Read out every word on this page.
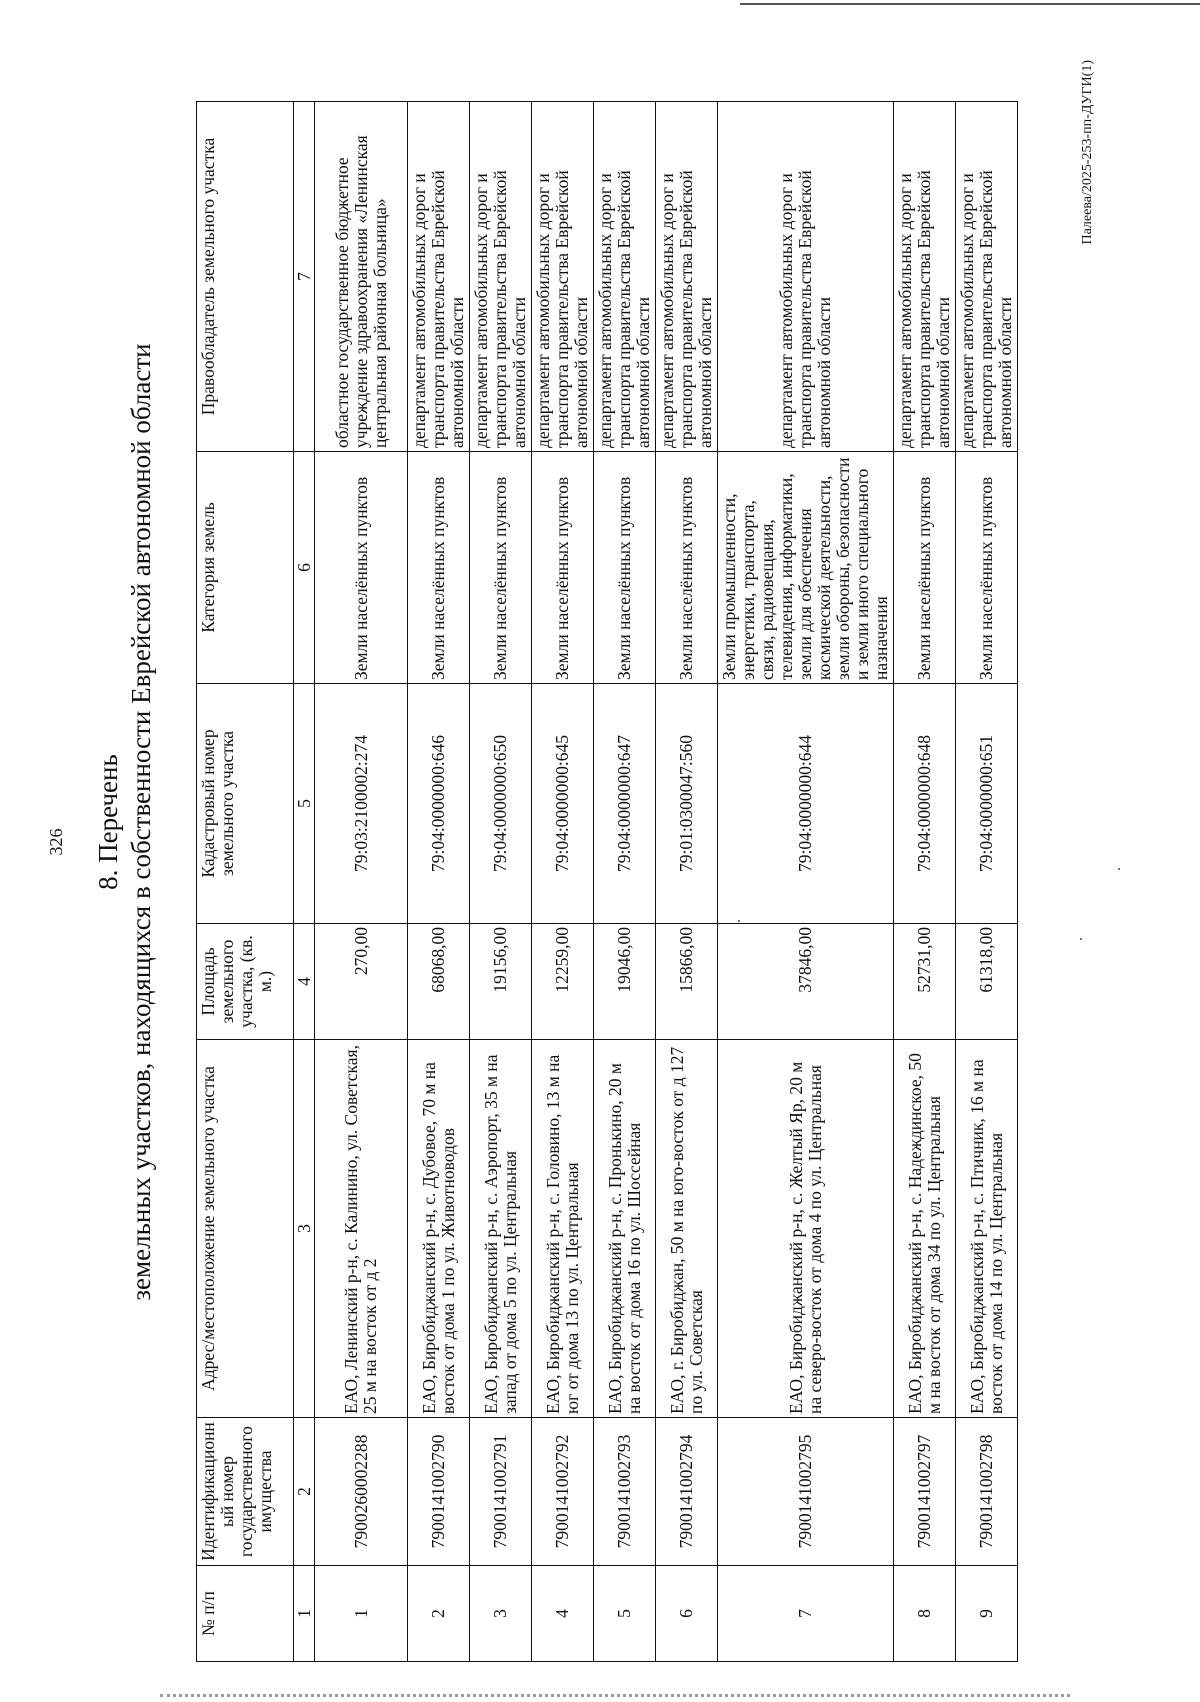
326 8. Перечень земельных участков, находящихся в собственности Еврейской автономной области
№ п/п	Идентификационный номер государственного имущества	Адрес/местоположение земельного участка	Площадь земельного участка, (кв. м.)	Кадастровый номер земельного участка	Категория земель	Правообладатель земельного участка
1	2	3	4	5	6	7
1	7900260002288	ЕАО, Ленинский р-н, с. Калинино, ул. Советская, 25 м на восток от д 2	270,00	79:03:2100002:274	Земли населённых пунктов	областное государственное бюджетное учреждение здравоохранения «Ленинская центральная районная больница»
2	7900141002790	ЕАО, Биробиджанский р-н, с. Дубовое, 70 м на восток от дома 1 по ул. Животноводов	68068,00	79:04:0000000:646	Земли населённых пунктов	департамент автомобильных дорог и транспорта правительства Еврейской автономной области
3	7900141002791	ЕАО, Биробиджанский р-н, с. Аэропорт, 35 м на запад от дома 5 по ул. Центральная	19156,00	79:04:0000000:650	Земли населённых пунктов	департамент автомобильных дорог и транспорта правительства Еврейской автономной области
4	7900141002792	ЕАО, Биробиджанский р-н, с. Головино, 13 м на юг от дома 13 по ул. Центральная	12259,00	79:04:0000000:645	Земли населённых пунктов	департамент автомобильных дорог и транспорта правительства Еврейской автономной области
5	7900141002793	ЕАО, Биробиджанский р-н, с. Пронькино, 20 м на восток от дома 16 по ул. Шоссейная	19046,00	79:04:0000000:647	Земли населённых пунктов	департамент автомобильных дорог и транспорта правительства Еврейской автономной области
6	7900141002794	ЕАО, г. Биробиджан, 50 м на юго-восток от д 127 по ул. Советская	15866,00	79:01:0300047:560	Земли населённых пунктов	департамент автомобильных дорог и транспорта правительства Еврейской автономной области
7	7900141002795	ЕАО, Биробиджанский р-н, с. Желтый Яр, 20 м на северо-восток от дома 4 по ул. Центральная	37846,00	79:04:0000000:644	Земли промышленности, энергетики, транспорта, связи, радиовещания, телевидения, информатики, земли для обеспечения космической деятельности, земли обороны, безопасности и земли иного специального назначения	департамент автомобильных дорог и транспорта правительства Еврейской автономной области
8	7900141002797	ЕАО, Биробиджанский р-н, с. Надеждинское, 50 м на восток от дома 34 по ул. Центральная	52731,00	79:04:0000000:648	Земли населённых пунктов	департамент автомобильных дорог и транспорта правительства Еврейской автономной области
9	7900141002798	ЕАО, Биробиджанский р-н, с. Птичник, 16 м на восток от дома 14 по ул. Центральная	61318,00	79:04:0000000:651	Земли населённых пунктов	департамент автомобильных дорог и транспорта правительства Еврейской автономной области
Палеева/2025-253-пп-ДУГИ(1)
